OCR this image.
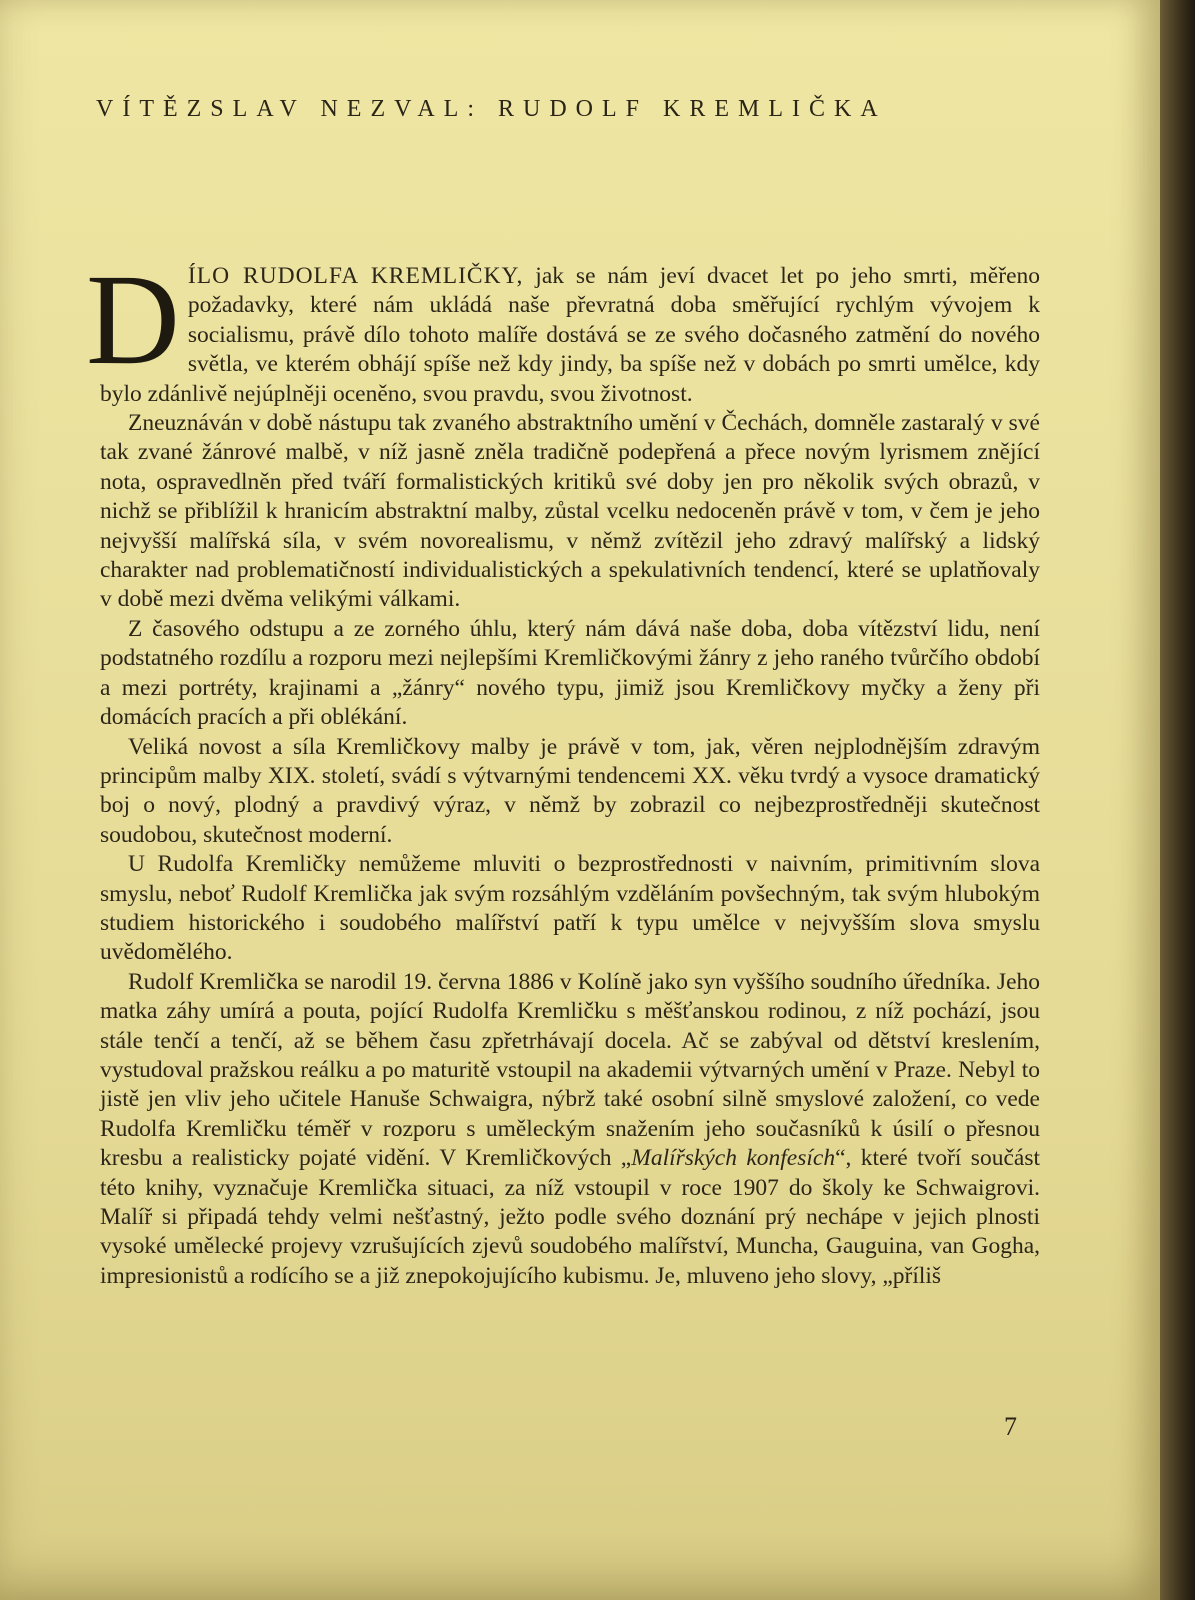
VÍTĚZSLAV NEZVAL: RUDOLF KREMLIČKA

D ÍLO RUDOLFA KREMLIČKY, jak se nám jeví dvacet let po jeho smrti, měřeno požadavky, které nám ukládá naše převratná doba směřující rychlým vývojem k socialismu, právě dílo tohoto malíře dostává se ze svého dočasného zatmění do nového světla, ve kterém obhájí spíše než kdy jindy, ba spíše než v dobách po smrti umělce, kdy bylo zdánlivě nejúplněji oceněno, svou pravdu, svou životnost.

Zneuznáván v době nástupu tak zvaného abstraktního umění v Čechách, domněle zastaralý v své tak zvané žánrové malbě, v níž jasně zněla tradičně podepřená a přece novým lyrismem znějící nota, ospravedlněn před tváří formalistických kritiků své doby jen pro několik svých obrazů, v nichž se přiblížil k hranicím abstraktní malby, zůstal vcelku nedoceněn právě v tom, v čem je jeho nejvyšší malířská síla, v svém novorealismu, v němž zvítězil jeho zdravý malířský a lidský charakter nad problematičností individualistických a spekulativních tendencí, které se uplatňovaly v době mezi dvěma velikými válkami.

Z časového odstupu a ze zorného úhlu, který nám dává naše doba, doba vítězství lidu, není podstatného rozdílu a rozporu mezi nejlepšími Kremličkovými žánry z jeho raného tvůrčího období a mezi portréty, krajinami a „žánry“ nového typu, jimiž jsou Kremličkovy myčky a ženy při domácích pracích a při oblékání.

Veliká novost a síla Kremličkovy malby je právě v tom, jak, věren nejplodnějším zdravým principům malby XIX. století, svádí s výtvarnými tendencemi XX. věku tvrdý a vysoce dramatický boj o nový, plodný a pravdivý výraz, v němž by zobrazil co nejbezprostředněji skutečnost soudobou, skutečnost moderní.

U Rudolfa Kremličky nemůžeme mluviti o bezprostřednosti v naivním, primitivním slova smyslu, neboť Rudolf Kremlička jak svým rozsáhlým vzděláním povšechným, tak svým hlubokým studiem historického i soudobého malířství patří k typu umělce v nejvyšším slova smyslu uvědomělého.

Rudolf Kremlička se narodil 19. června 1886 v Kolíně jako syn vyššího soudního úředníka. Jeho matka záhy umírá a pouta, pojící Rudolfa Kremličku s měšťanskou rodinou, z níž pochází, jsou stále tenčí a tenčí, až se během času zpřetrhávají docela. Ač se zabýval od dětství kreslením, vystudoval pražskou reálku a po maturitě vstoupil na akademii výtvarných umění v Praze. Nebyl to jistě jen vliv jeho učitele Hanuše Schwaigra, nýbrž také osobní silně smyslové založení, co vede Rudolfa Kremličku téměř v rozporu s uměleckým snažením jeho současníků k úsilí o přesnou kresbu a realisticky pojaté vidění. V Kremličkových „Malířských konfesích“, které tvoří součást této knihy, vyznačuje Kremlička situaci, za níž vstoupil v roce 1907 do školy ke Schwaigrovi. Malíř si připadá tehdy velmi nešťastný, ježto podle svého doznání prý nechápe v jejich plnosti vysoké umělecké projevy vzrušujících zjevů soudobého malířství, Muncha, Gauguina, van Gogha, impresionistů a rodícího se a již znepokojujícího kubismu. Je, mluveno jeho slovy, „příliš

7
